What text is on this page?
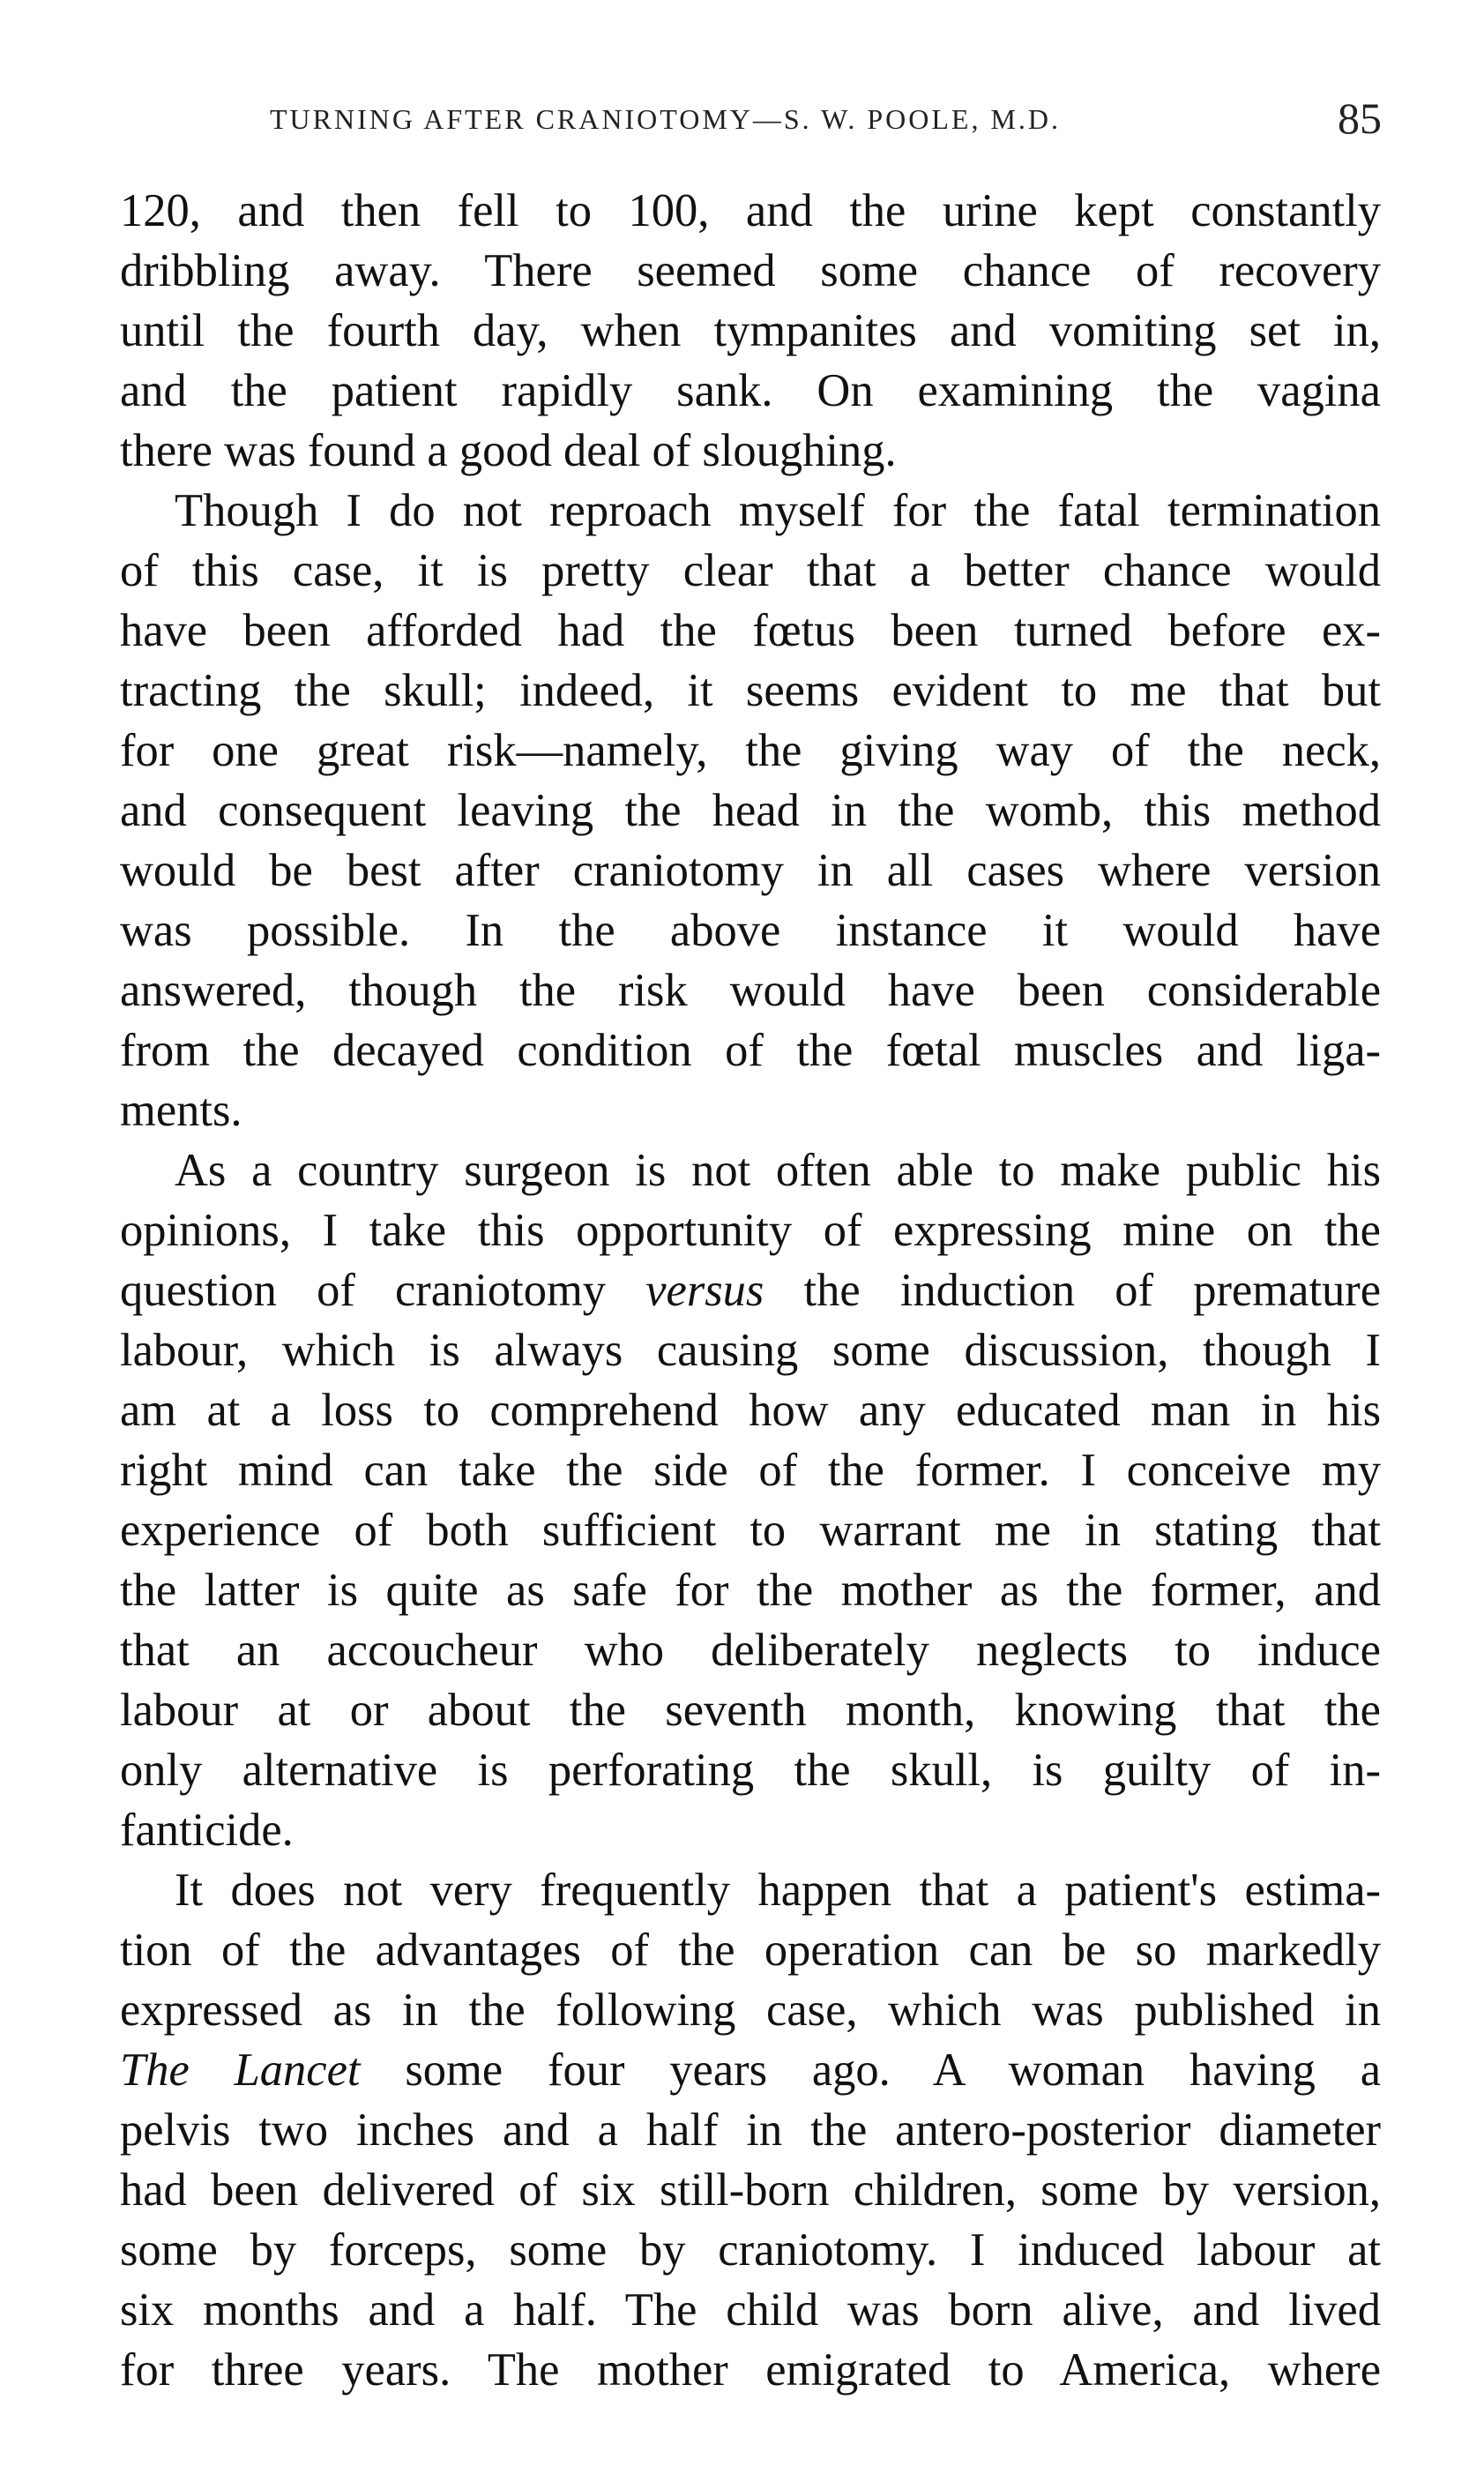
TURNING AFTER CRANIOTOMY—S. W. POOLE, M.D.	85
120, and then fell to 100, and the urine kept constantly
dribbling away. There seemed some chance of recovery
until the fourth day, when tympanites and vomiting set in,
and the patient rapidly sank. On examining the vagina
there was found a good deal of sloughing.
Though I do not reproach myself for the fatal termination
of this case, it is pretty clear that a better chance would
have been afforded had the fœtus been turned before ex-
tracting the skull; indeed, it seems evident to me that but
for one great risk—namely, the giving way of the neck,
and consequent leaving the head in the womb, this method
would be best after craniotomy in all cases where version
was possible. In the above instance it would have
answered, though the risk would have been considerable
from the decayed condition of the fœtal muscles and liga-
ments.
As a country surgeon is not often able to make public his
opinions, I take this opportunity of expressing mine on the
question of craniotomy versus the induction of premature
labour, which is always causing some discussion, though I
am at a loss to comprehend how any educated man in his
right mind can take the side of the former. I conceive my
experience of both sufficient to warrant me in stating that
the latter is quite as safe for the mother as the former, and
that an accoucheur who deliberately neglects to induce
labour at or about the seventh month, knowing that the
only alternative is perforating the skull, is guilty of in-
fanticide.
It does not very frequently happen that a patient's estima-
tion of the advantages of the operation can be so markedly
expressed as in the following case, which was published in
The Lancet some four years ago. A woman having a
pelvis two inches and a half in the antero-posterior diameter
had been delivered of six still-born children, some by version,
some by forceps, some by craniotomy. I induced labour at
six months and a half. The child was born alive, and lived
for three years. The mother emigrated to America, where
